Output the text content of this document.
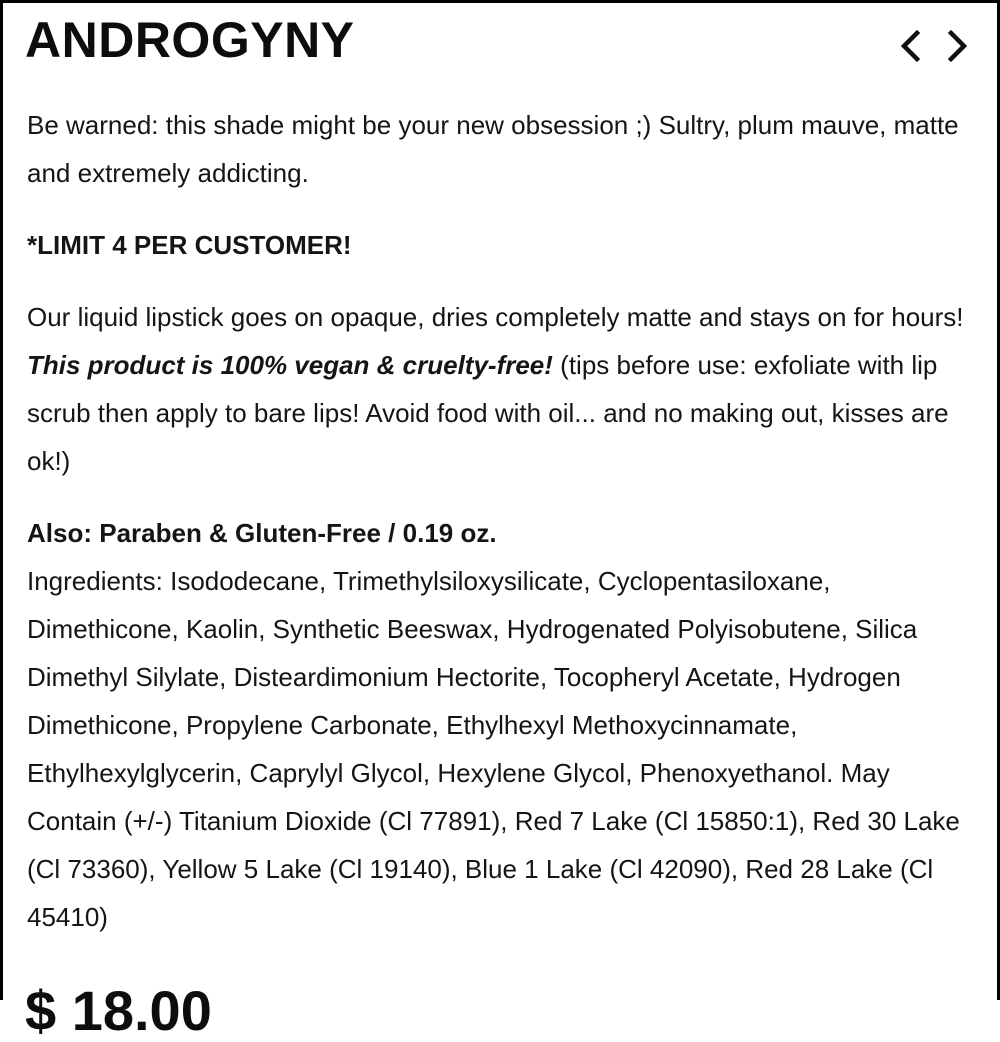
ANDROGYNY

Be warned: this shade might be your new obsession ;) Sultry, plum mauve, matte and extremely addicting.

*LIMIT 4 PER CUSTOMER!

Our liquid lipstick goes on opaque, dries completely matte and stays on for hours! This product is 100% vegan & cruelty-free! (tips before use: exfoliate with lip scrub then apply to bare lips! Avoid food with oil... and no making out, kisses are ok!)

Also: Paraben & Gluten-Free / 0.19 oz.

Ingredients: Isododecane, Trimethylsiloxysilicate, Cyclopentasiloxane, Dimethicone, Kaolin, Synthetic Beeswax, Hydrogenated Polyisobutene, Silica Dimethyl Silylate, Disteardimonium Hectorite, Tocopheryl Acetate, Hydrogen Dimethicone, Propylene Carbonate, Ethylhexyl Methoxycinnamate, Ethylhexylglycerin, Caprylyl Glycol, Hexylene Glycol, Phenoxyethanol. May Contain (+/-) Titanium Dioxide (Cl 77891), Red 7 Lake (Cl 15850:1), Red 30 Lake (Cl 73360), Yellow 5 Lake (Cl 19140), Blue 1 Lake (Cl 42090), Red 28 Lake (Cl 45410)

$ 18.00
